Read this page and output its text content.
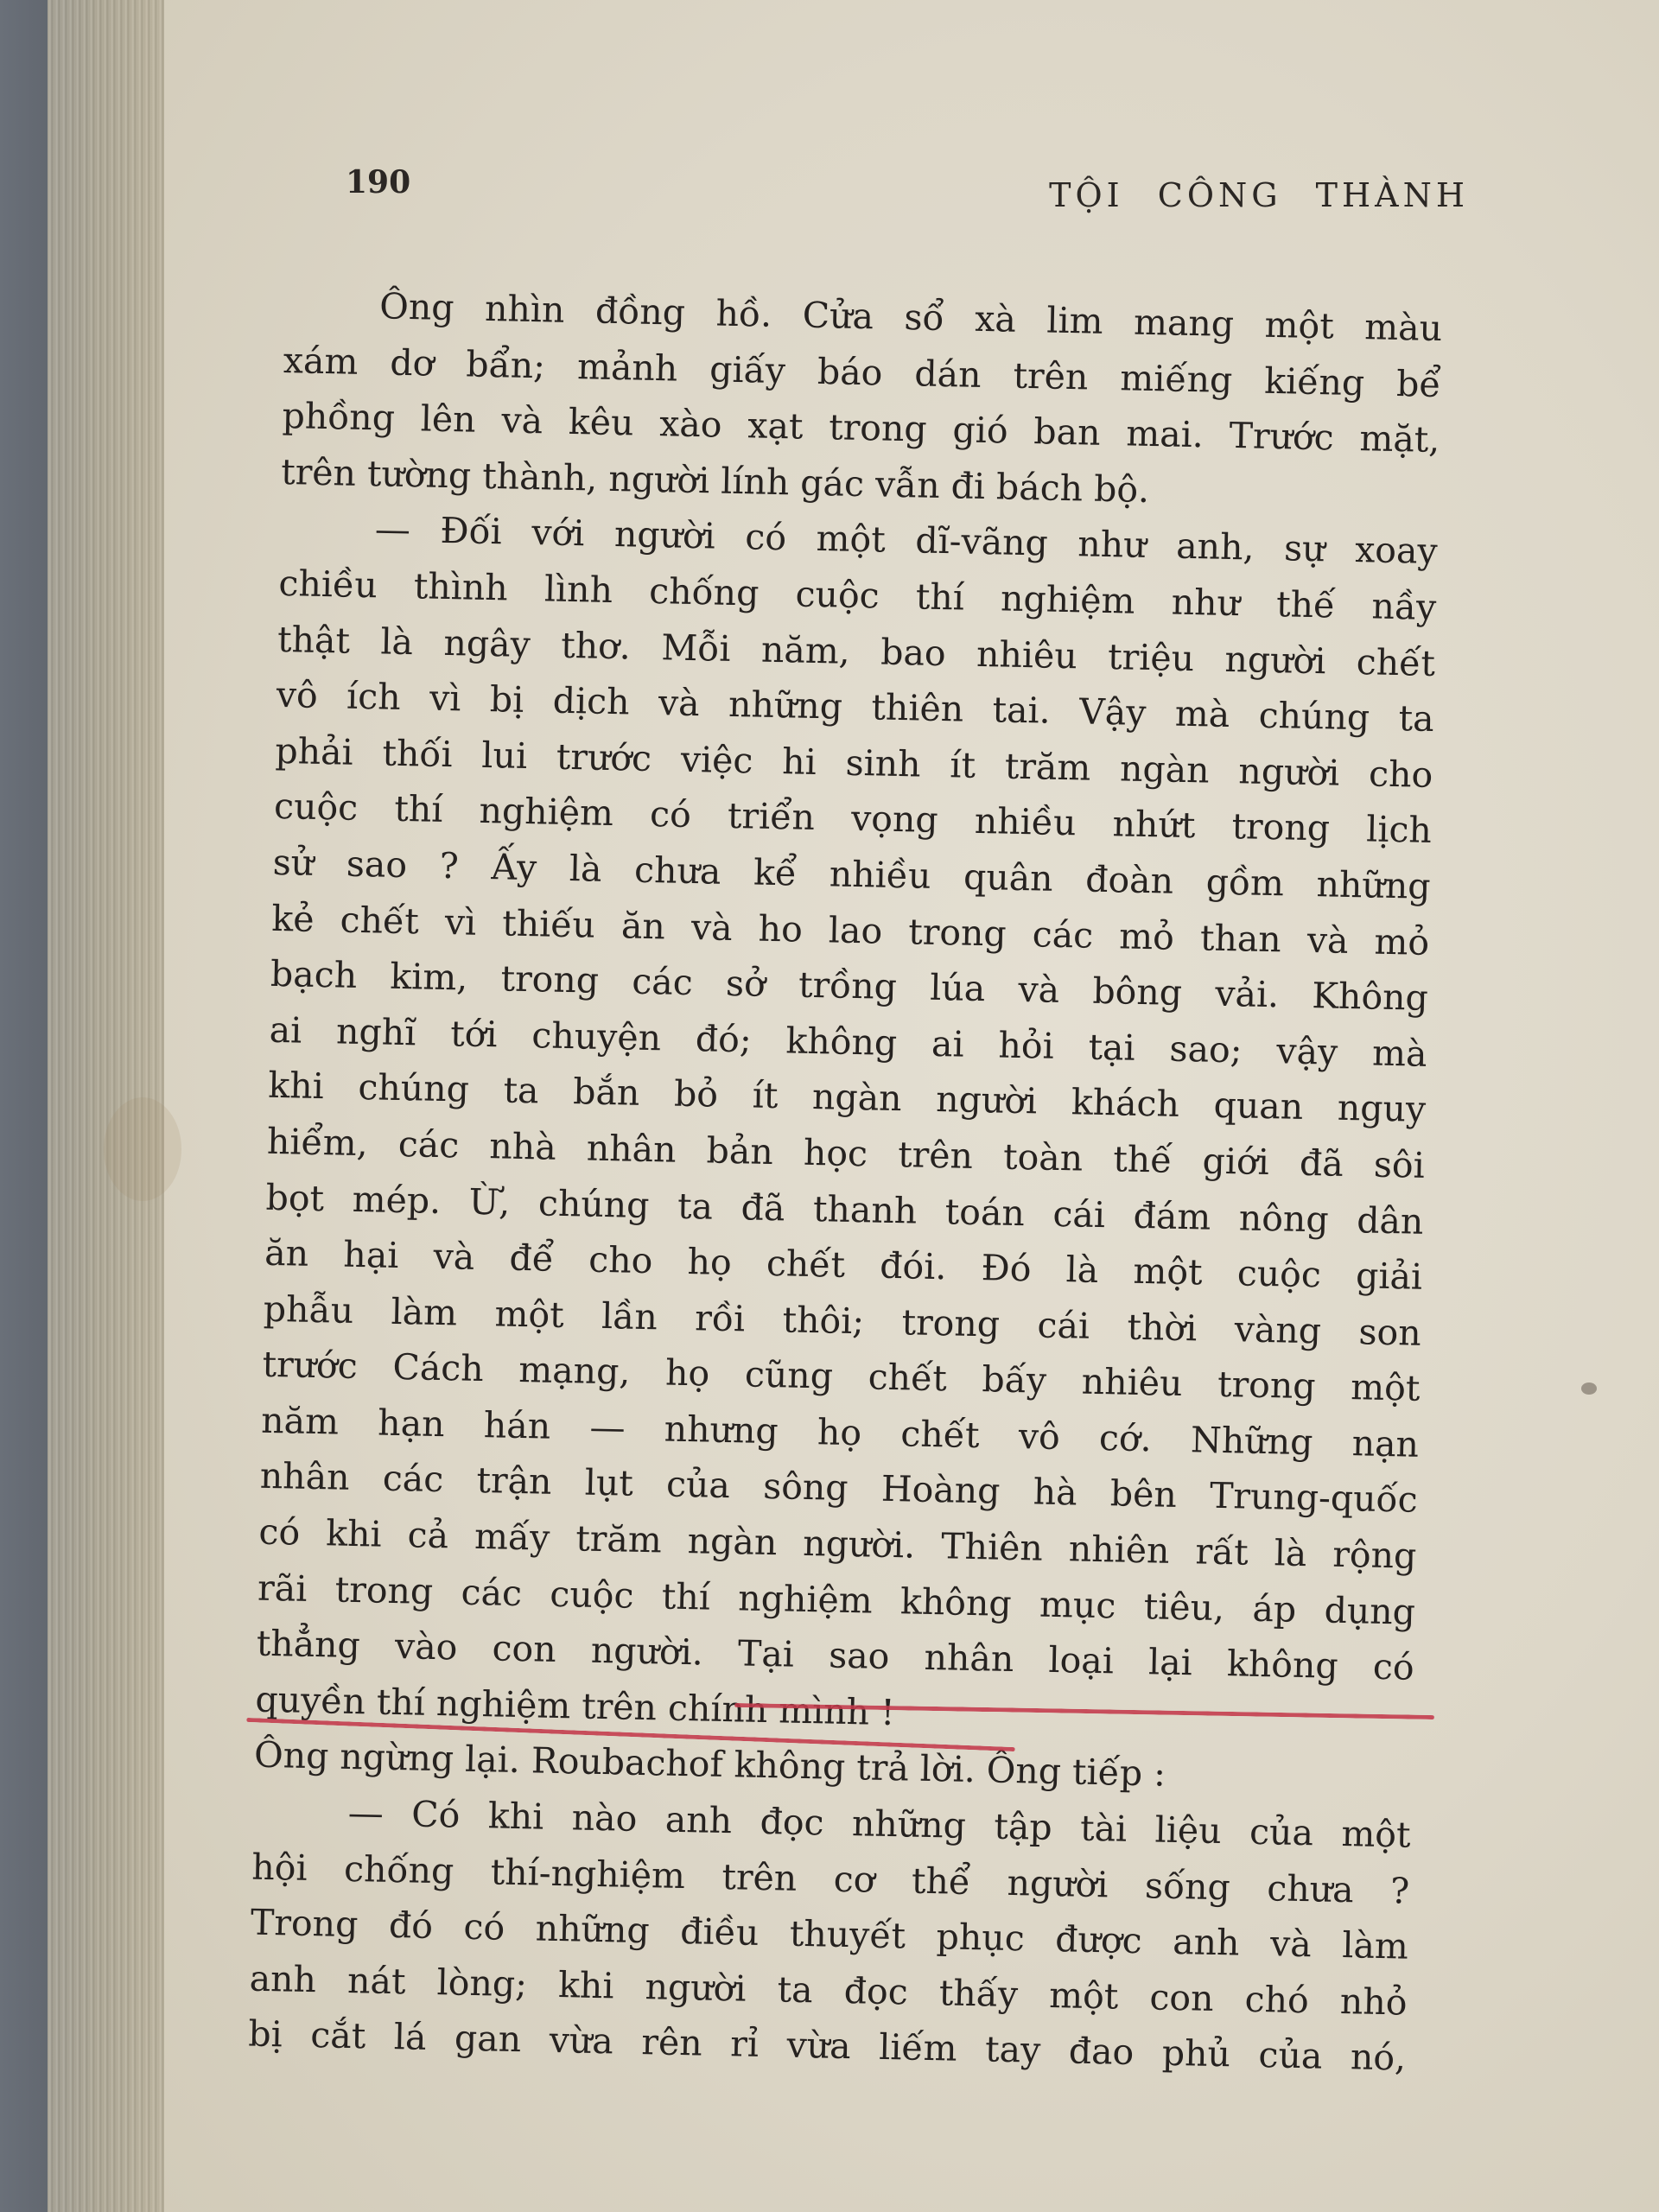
190	TỘI CÔNG THÀNH
Ông nhìn đồng hồ. Cửa sổ xà lim mang một màu
xám dơ bẩn; mảnh giấy báo dán trên miếng kiếng bể
phồng lên và kêu xào xạt trong gió ban mai. Trước mặt,
trên tường thành, người lính gác vẫn đi bách bộ.
— Đối với người có một dĩ-vãng như anh, sự xoay
chiều thình lình chống cuộc thí nghiệm như thế nầy
thật là ngây thơ. Mỗi năm, bao nhiêu triệu người chết
vô ích vì bị dịch và những thiên tai. Vậy mà chúng ta
phải thối lui trước việc hi sinh ít trăm ngàn người cho
cuộc thí nghiệm có triển vọng nhiều nhứt trong lịch
sử sao ? Ấy là chưa kể nhiều quân đoàn gồm những
kẻ chết vì thiếu ăn và ho lao trong các mỏ than và mỏ
bạch kim, trong các sở trồng lúa và bông vải. Không
ai nghĩ tới chuyện đó; không ai hỏi tại sao; vậy mà
khi chúng ta bắn bỏ ít ngàn người khách quan nguy
hiểm, các nhà nhân bản học trên toàn thế giới đã sôi
bọt mép. Ừ, chúng ta đã thanh toán cái đám nông dân
ăn hại và để cho họ chết đói. Đó là một cuộc giải
phẫu làm một lần rồi thôi; trong cái thời vàng son
trước Cách mạng, họ cũng chết bấy nhiêu trong một
năm hạn hán — nhưng họ chết vô cớ. Những nạn
nhân các trận lụt của sông Hoàng hà bên Trung-quốc
có khi cả mấy trăm ngàn người. Thiên nhiên rất là rộng
rãi trong các cuộc thí nghiệm không mục tiêu, áp dụng
thẳng vào con người. Tại sao nhân loại lại không có
quyền thí nghiệm trên chính mình !
Ông ngừng lại. Roubachof không trả lời. Ông tiếp :
— Có khi nào anh đọc những tập tài liệu của một
hội chống thí-nghiệm trên cơ thể người sống chưa ?
Trong đó có những điều thuyết phục được anh và làm
anh nát lòng; khi người ta đọc thấy một con chó nhỏ
bị cắt lá gan vừa rên rỉ vừa liếm tay đao phủ của nó,
